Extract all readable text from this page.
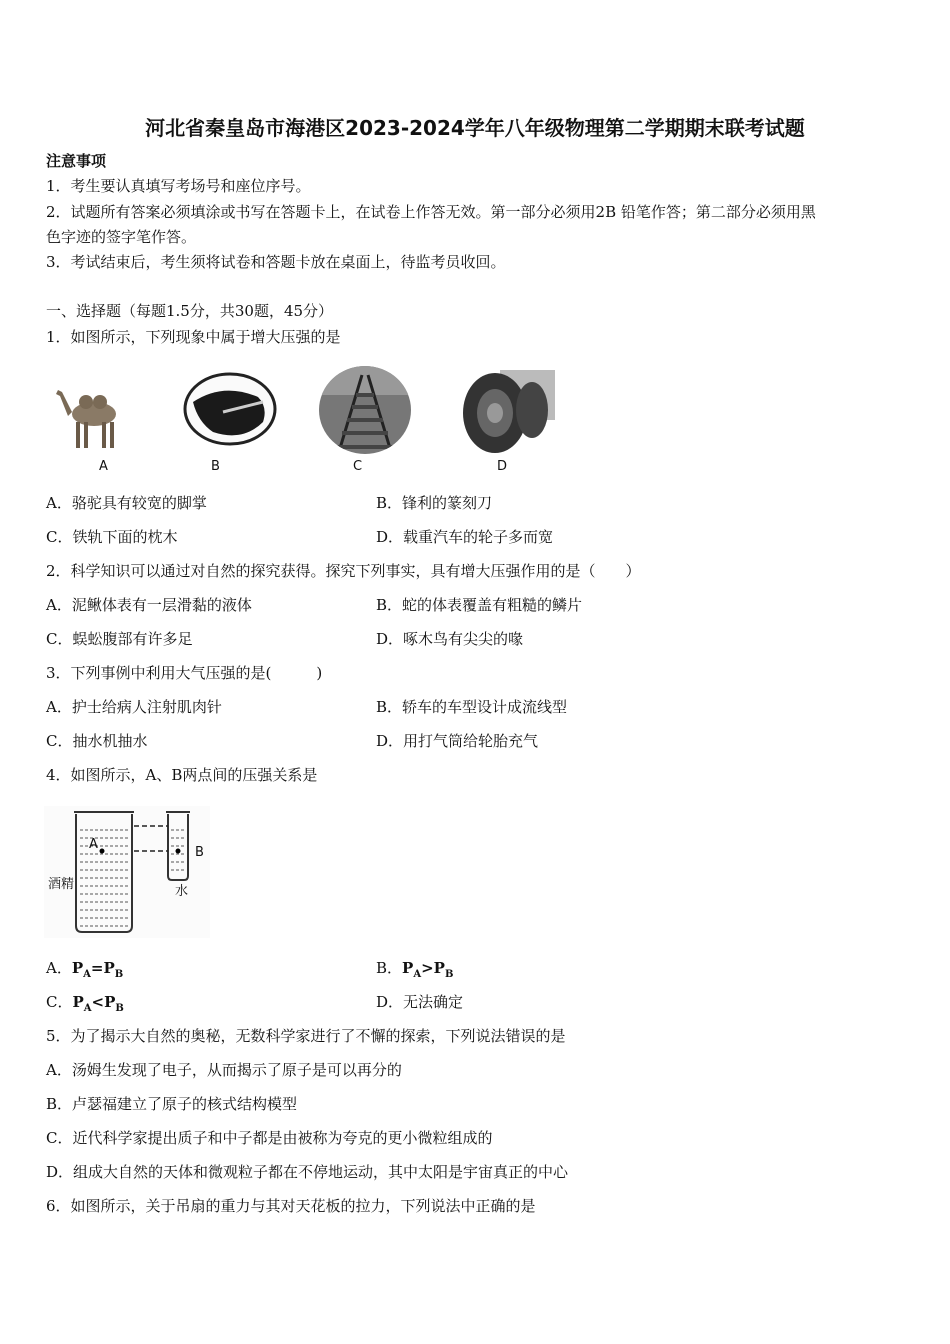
河北省秦皇岛市海港区2023-2024学年八年级物理第二学期期末联考试题
注意事项
1．考生要认真填写考场号和座位序号。
2．试题所有答案必须填涂或书写在答题卡上，在试卷上作答无效。第一部分必须用2B 铅笔作答；第二部分必须用黑
色字迹的签字笔作答。
3．考试结束后，考生须将试卷和答题卡放在桌面上，待监考员收回。
一、选择题（每题1.5分，共30题，45分）
1．如图所示，下列现象中属于增大压强的是
A	B	C	D
A．骆驼具有较宽的脚掌	B．锋利的篆刻刀
C．铁轨下面的枕木	D．载重汽车的轮子多而宽
2．科学知识可以通过对自然的探究获得。探究下列事实，具有增大压强作用的是（　　）
A．泥鳅体表有一层滑黏的液体	B．蛇的体表覆盖有粗糙的鳞片
C．蜈蚣腹部有许多足	D．啄木鸟有尖尖的喙
3．下列事例中利用大气压强的是(　　　)
A．护士给病人注射肌肉针	B．轿车的车型设计成流线型
C．抽水机抽水	D．用打气筒给轮胎充气
4．如图所示，A、B两点间的压强关系是
A
B
酒精	水
A．$P_A=P_B$	B．$P_A>P_B$
C．$P_A<P_B$	D．无法确定
5．为了揭示大自然的奥秘，无数科学家进行了不懈的探索，下列说法错误的是
A．汤姆生发现了电子，从而揭示了原子是可以再分的
B．卢瑟福建立了原子的核式结构模型
C．近代科学家提出质子和中子都是由被称为夸克的更小微粒组成的
D．组成大自然的天体和微观粒子都在不停地运动，其中太阳是宇宙真正的中心
6．如图所示，关于吊扇的重力与其对天花板的拉力，下列说法中正确的是
